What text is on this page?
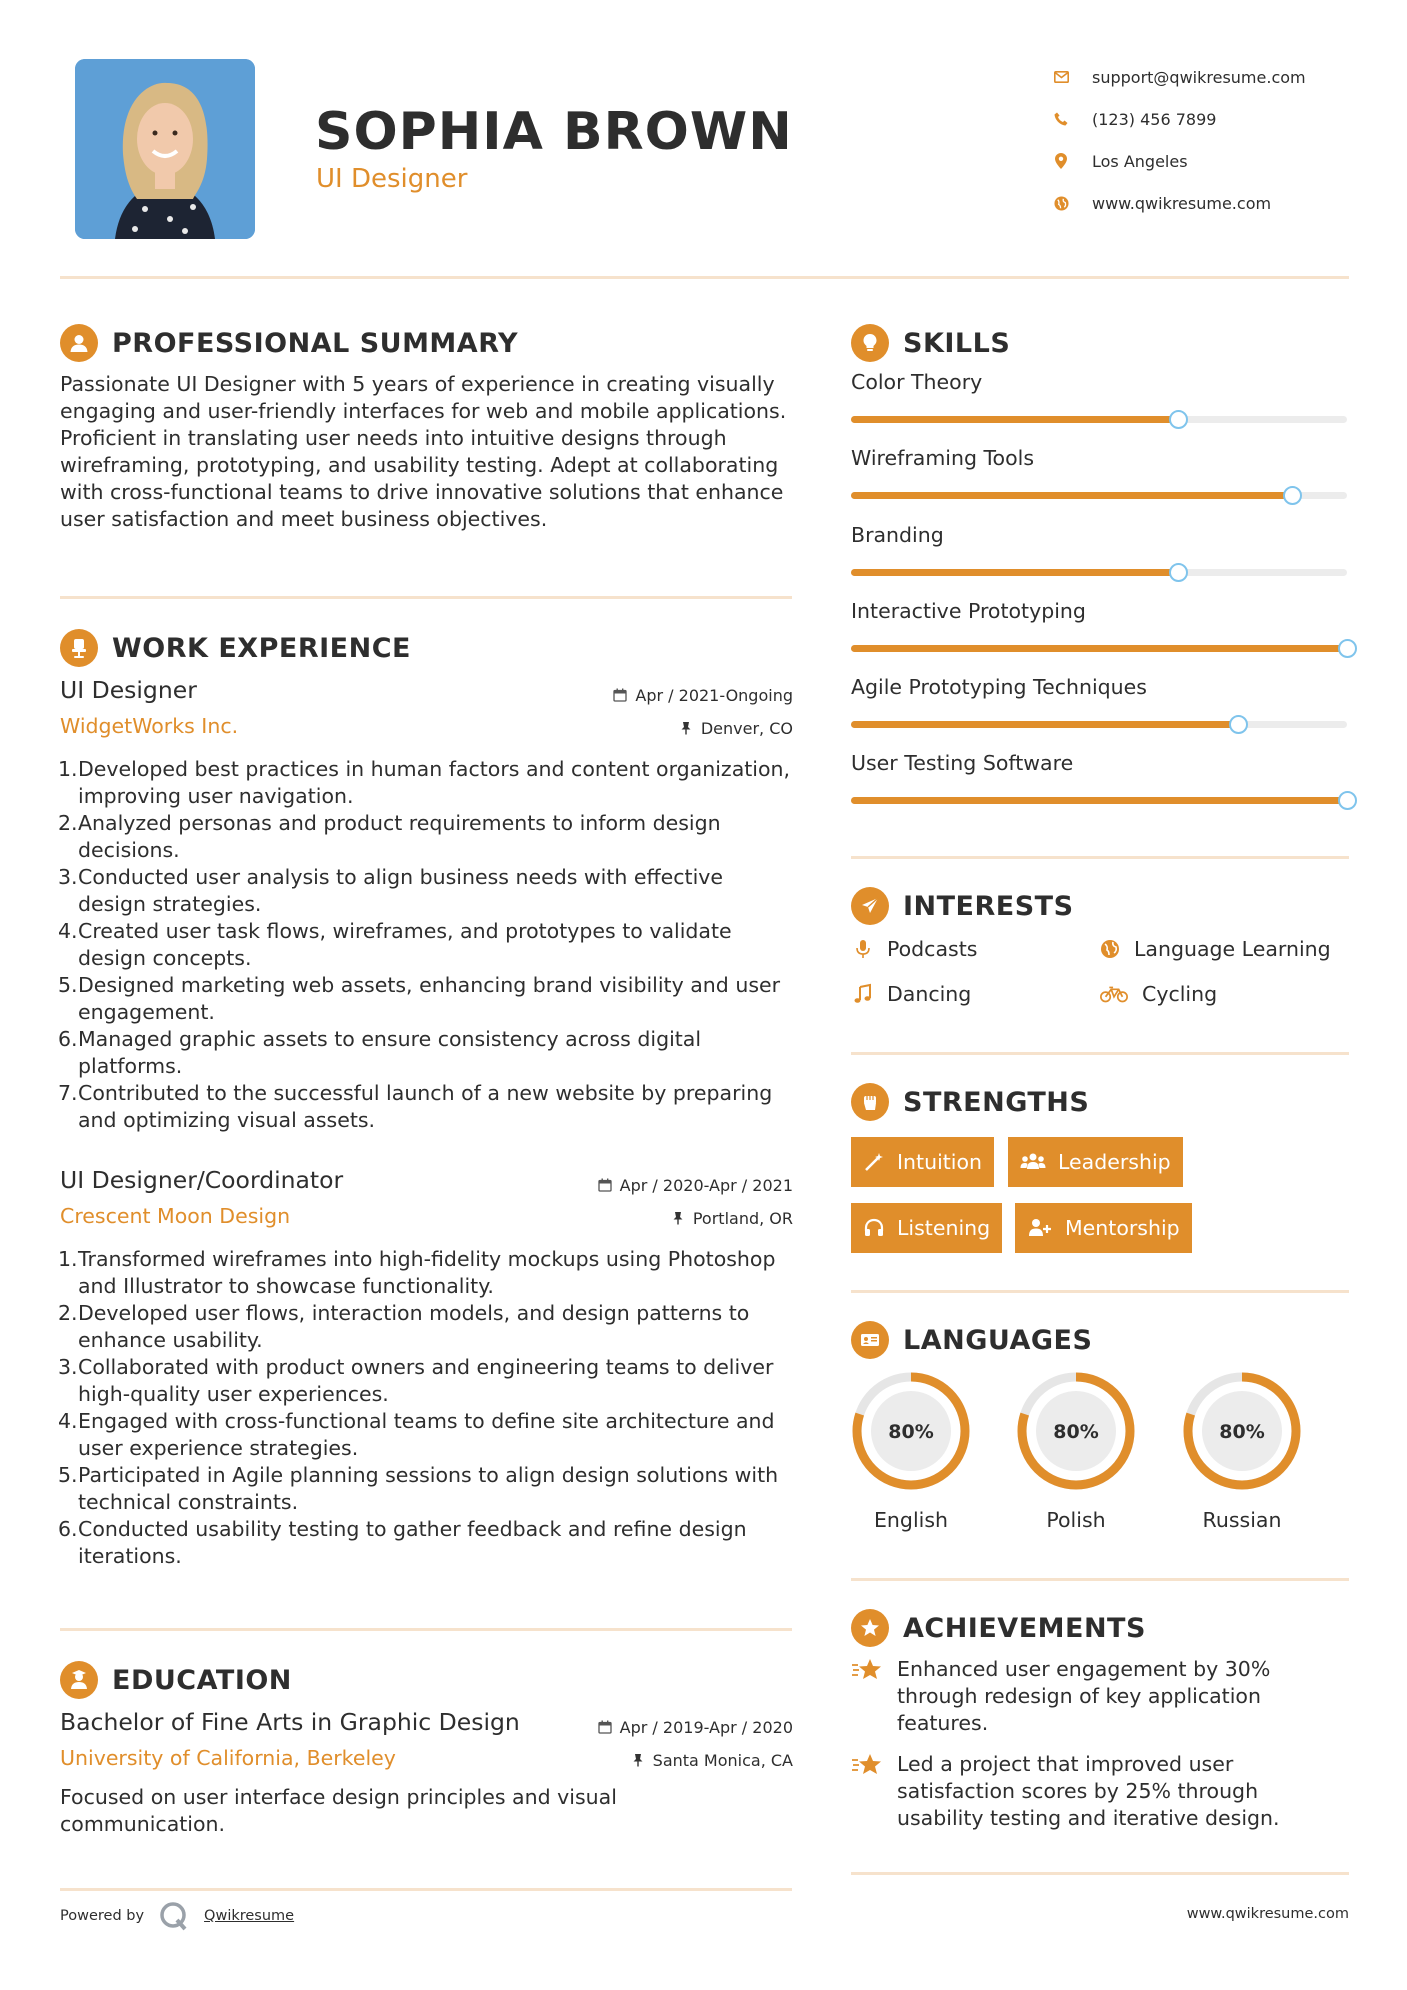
SOPHIA BROWN
UI Designer
support@qwikresume.com
(123) 456 7899
Los Angeles
www.qwikresume.com
PROFESSIONAL SUMMARY
Passionate UI Designer with 5 years of experience in creating visually engaging and user-friendly interfaces for web and mobile applications. Proficient in translating user needs into intuitive designs through wireframing, prototyping, and usability testing. Adept at collaborating with cross-functional teams to drive innovative solutions that enhance user satisfaction and meet business objectives.
WORK EXPERIENCE
UI Designer
WidgetWorks Inc.
Apr / 2021-Ongoing
Denver, CO
1. Developed best practices in human factors and content organization, improving user navigation.
2. Analyzed personas and product requirements to inform design decisions.
3. Conducted user analysis to align business needs with effective design strategies.
4. Created user task flows, wireframes, and prototypes to validate design concepts.
5. Designed marketing web assets, enhancing brand visibility and user engagement.
6. Managed graphic assets to ensure consistency across digital platforms.
7. Contributed to the successful launch of a new website by preparing and optimizing visual assets.
UI Designer/Coordinator
Crescent Moon Design
Apr / 2020-Apr / 2021
Portland, OR
1. Transformed wireframes into high-fidelity mockups using Photoshop and Illustrator to showcase functionality.
2. Developed user flows, interaction models, and design patterns to enhance usability.
3. Collaborated with product owners and engineering teams to deliver high-quality user experiences.
4. Engaged with cross-functional teams to define site architecture and user experience strategies.
5. Participated in Agile planning sessions to align design solutions with technical constraints.
6. Conducted usability testing to gather feedback and refine design iterations.
EDUCATION
Bachelor of Fine Arts in Graphic Design
University of California, Berkeley
Apr / 2019-Apr / 2020
Santa Monica, CA
Focused on user interface design principles and visual communication.
SKILLS
Color Theory
Wireframing Tools
Branding
Interactive Prototyping
Agile Prototyping Techniques
User Testing Software
INTERESTS
Podcasts	Language Learning
Dancing	Cycling
STRENGTHS
Intuition	Leadership
Listening	Mentorship
LANGUAGES
80%
English
80%
Polish
80%
Russian
ACHIEVEMENTS
Enhanced user engagement by 30% through redesign of key application features.
Led a project that improved user satisfaction scores by 25% through usability testing and iterative design.
Powered by	Qwikresume	www.qwikresume.com
